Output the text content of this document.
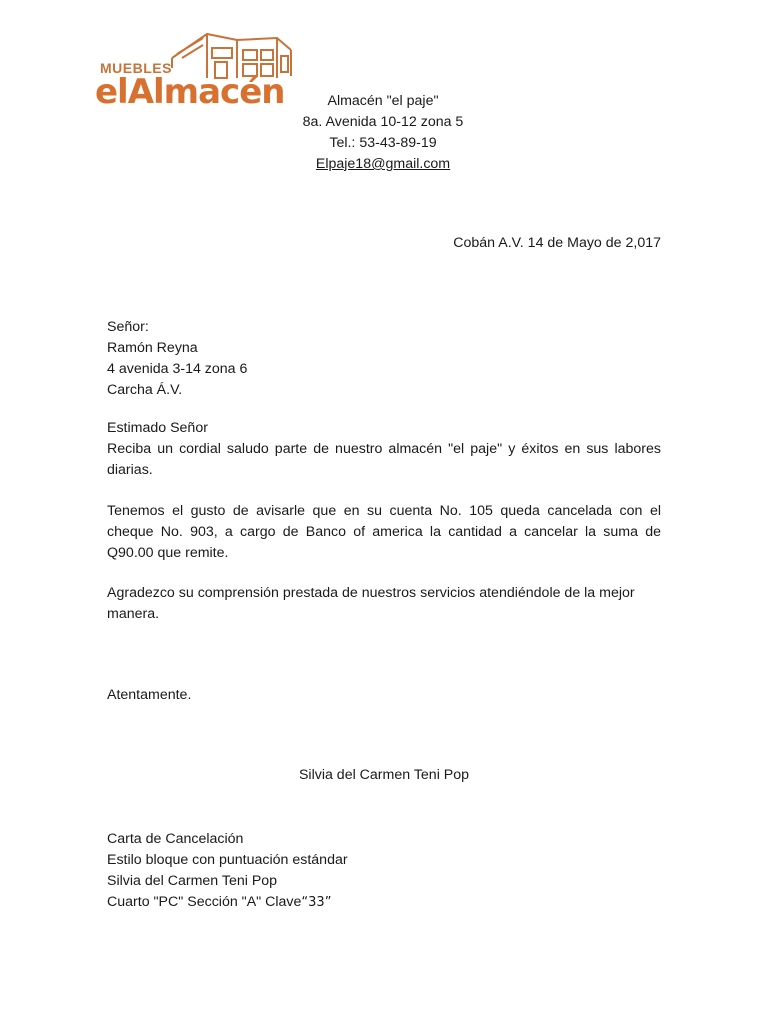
MUEBLES
elAlmacén	Almacén "el paje"
8a. Avenida 10-12 zona 5
Tel.: 53-43-89-19
Elpaje18@gmail.com
Cobán A.V. 14 de Mayo de 2,017
Señor:
Ramón Reyna
4 avenida 3-14 zona 6
Carcha Á.V.
Estimado Señor
Reciba un cordial saludo parte de nuestro almacén "el paje" y éxitos en sus labores diarias.
Tenemos el gusto de avisarle que en su cuenta No. 105 queda cancelada con el cheque No. 903, a cargo de Banco of america la cantidad a cancelar la suma de Q90.00 que remite.
Agradezco su comprensión prestada de nuestros servicios atendiéndole de la mejor manera.
Atentamente.
Silvia del Carmen Teni Pop
Carta de Cancelación
Estilo bloque con puntuación estándar
Silvia del Carmen Teni Pop
Cuarto "PC" Sección "A" Clave“33”
